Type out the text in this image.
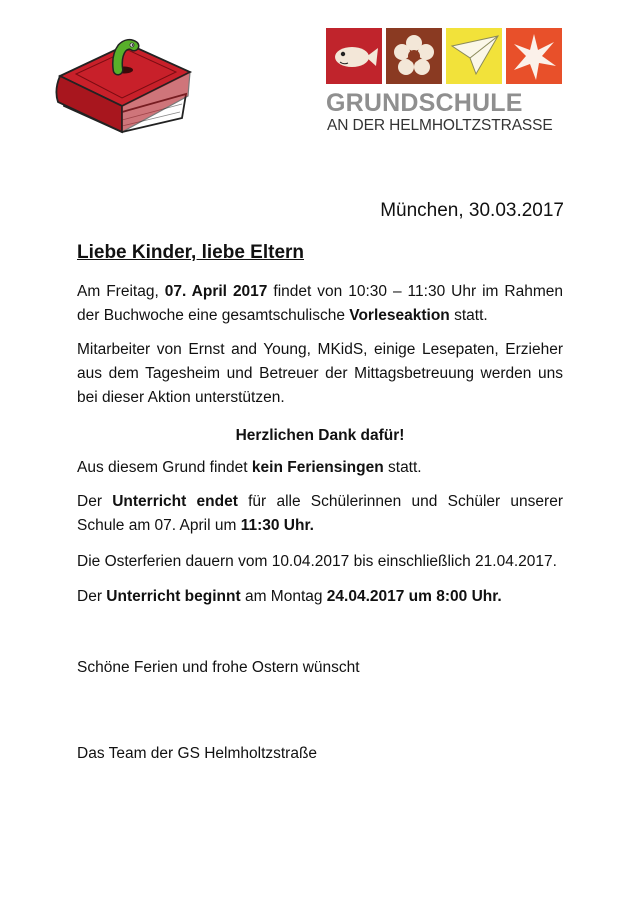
GRUNDSCHULE
AN DER HELMHOLTZSTRASSE
München, 30.03.2017
Liebe Kinder, liebe Eltern
Am Freitag, 07. April 2017 findet von 10:30 – 11:30 Uhr im Rahmen der Buchwoche eine gesamtschulische Vorleseaktion statt.
Mitarbeiter von Ernst and Young, MKidS, einige Lesepaten, Erzieher aus dem Tagesheim und Betreuer der Mittagsbetreuung werden uns bei dieser Aktion unterstützen.
Herzlichen Dank dafür!
Aus diesem Grund findet kein Feriensingen statt.
Der Unterricht endet für alle Schülerinnen und Schüler unserer Schule am 07. April um 11:30 Uhr.
Die Osterferien dauern vom 10.04.2017 bis einschließlich 21.04.2017.
Der Unterricht beginnt am Montag 24.04.2017 um 8:00 Uhr.
Schöne Ferien und frohe Ostern wünscht
Das Team der GS Helmholtzstraße
